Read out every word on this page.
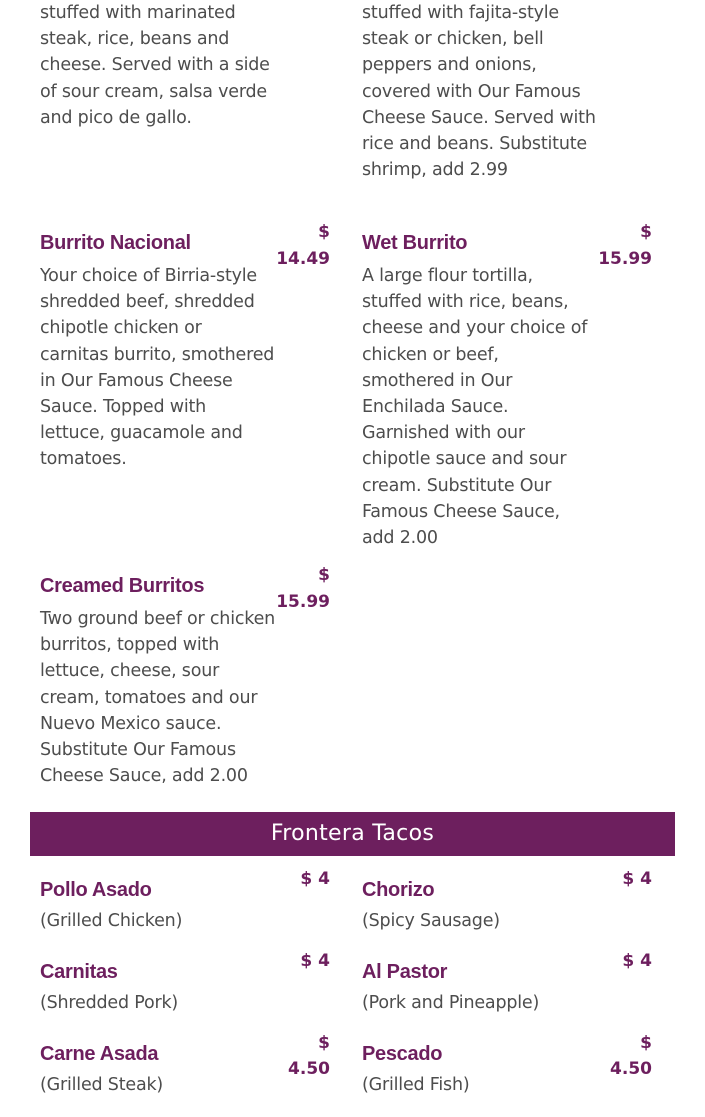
stuffed with marinated steak, rice, beans and cheese. Served with a side of sour cream, salsa verde and pico de gallo.
stuffed with fajita-style steak or chicken, bell peppers and onions, covered with Our Famous Cheese Sauce. Served with rice and beans. Substitute shrimp, add 2.99
Burrito Nacional	$
14.49
Your choice of Birria-style shredded beef, shredded chipotle chicken or carnitas burrito, smothered in Our Famous Cheese Sauce. Topped with lettuce, guacamole and tomatoes.
Wet Burrito	$
15.99
A large flour tortilla, stuffed with rice, beans, cheese and your choice of chicken or beef, smothered in Our Enchilada Sauce. Garnished with our chipotle sauce and sour cream. Substitute Our Famous Cheese Sauce, add 2.00
Creamed Burritos	$
15.99
Two ground beef or chicken burritos, topped with lettuce, cheese, sour cream, tomatoes and our Nuevo Mexico sauce. Substitute Our Famous Cheese Sauce, add 2.00
Frontera Tacos
Pollo Asado	$ 4
(Grilled Chicken)
Chorizo	$ 4
(Spicy Sausage)
Carnitas	$ 4
(Shredded Pork)
Al Pastor	$ 4
(Pork and Pineapple)
Carne Asada	$
4.50
(Grilled Steak)
Pescado	$
4.50
(Grilled Fish)
